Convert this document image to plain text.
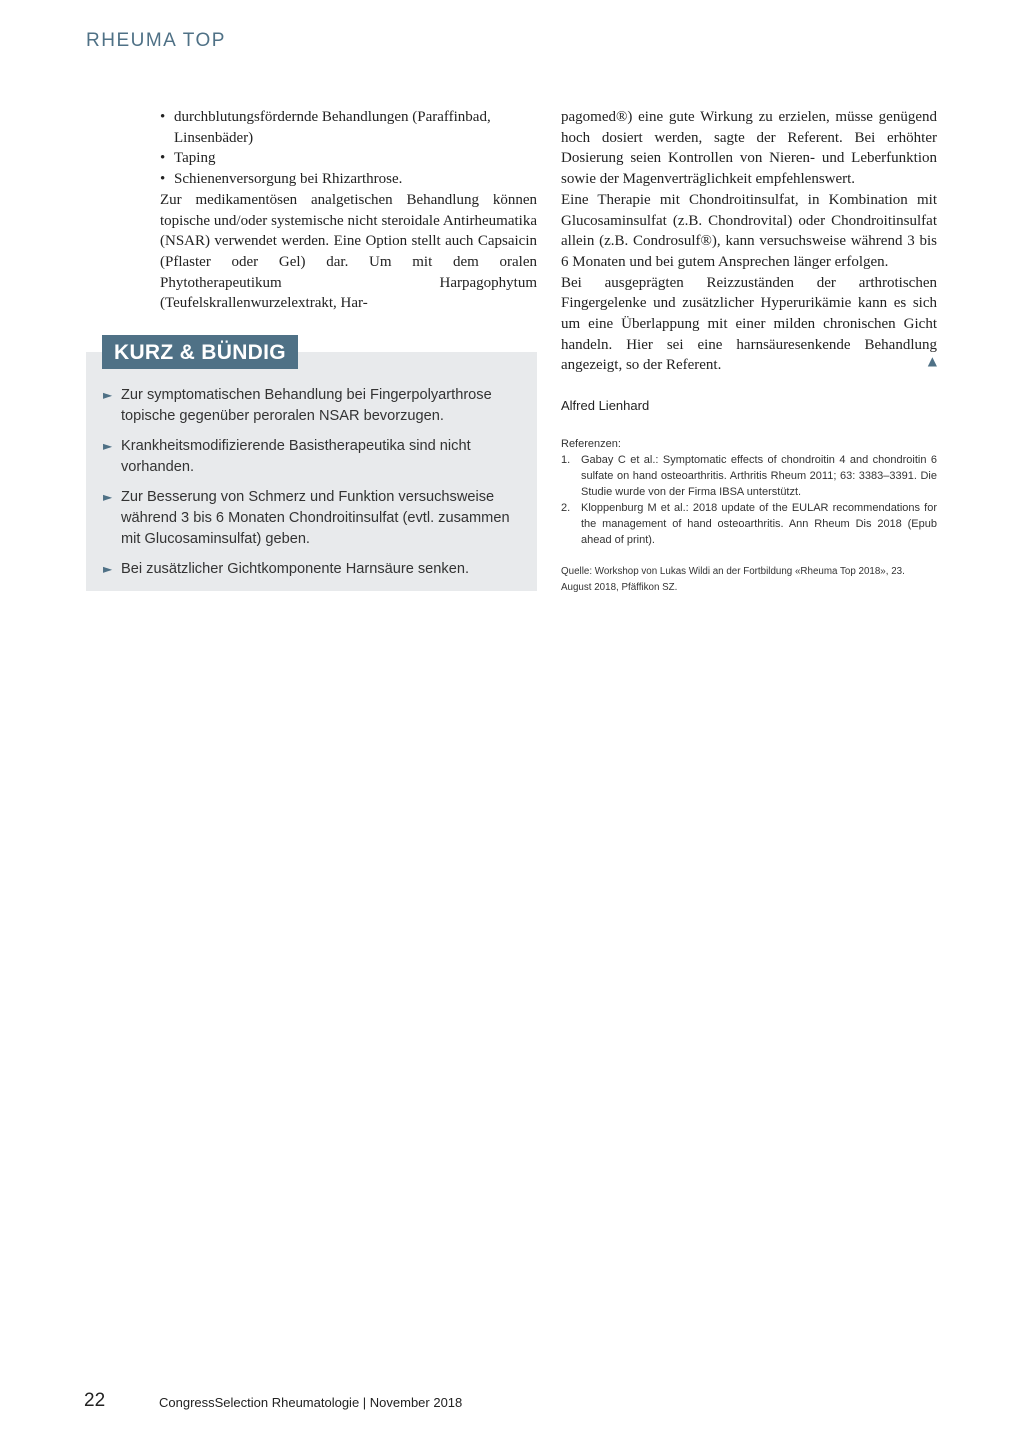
RHEUMA TOP
• durchblutungsfördernde Behandlungen (Paraffinbad, Linsenbäder)
• Taping
• Schienenversorgung bei Rhizarthrose.

Zur medikamentösen analgetischen Behandlung können topische und/oder systemische nicht steroidale Antirheumatika (NSAR) verwendet werden. Eine Option stellt auch Capsaicin (Pflaster oder Gel) dar. Um mit dem oralen Phytotherapeutikum Harpagophytum (Teufelskrallenwurzelextrakt, Har-

pagomed®) eine gute Wirkung zu erzielen, müsse genügend hoch dosiert werden, sagte der Referent. Bei erhöhter Dosierung seien Kontrollen von Nieren- und Leberfunktion sowie der Magenverträglichkeit empfehlenswert.

Eine Therapie mit Chondroitinsulfat, in Kombination mit Glucosaminsulfat (z.B. Chondrovital) oder Chondroitinsulfat allein (z.B. Condrosulf®), kann versuchsweise während 3 bis 6 Monaten und bei gutem Ansprechen länger erfolgen.

Bei ausgeprägten Reizzuständen der arthrotischen Fingergelenke und zusätzlicher Hyperurikämie kann es sich um eine Überlappung mit einer milden chronischen Gicht handeln. Hier sei eine harnsäuresenkende Behandlung angezeigt, so der Referent.	▲
KURZ & BÜNDIG
► Zur symptomatischen Behandlung bei Fingerpolyarthrose topische gegenüber peroralen NSAR bevorzugen.
► Krankheitsmodifizierende Basistherapeutika sind nicht vorhanden.
► Zur Besserung von Schmerz und Funktion versuchsweise während 3 bis 6 Monaten Chondroitinsulfat (evtl. zusammen mit Glucosaminsulfat) geben.
► Bei zusätzlicher Gichtkomponente Harnsäure senken.
Alfred Lienhard
Referenzen:
1. Gabay C et al.: Symptomatic effects of chondroitin 4 and chondroitin 6 sulfate on hand osteoarthritis. Arthritis Rheum 2011; 63: 3383–3391. Die Studie wurde von der Firma IBSA unterstützt.
2. Kloppenburg M et al.: 2018 update of the EULAR recommendations for the management of hand osteoarthritis. Ann Rheum Dis 2018 (Epub ahead of print).
Quelle: Workshop von Lukas Wildi an der Fortbildung «Rheuma Top 2018», 23. August 2018, Pfäffikon SZ.
22	CongressSelection Rheumatologie | November 2018
